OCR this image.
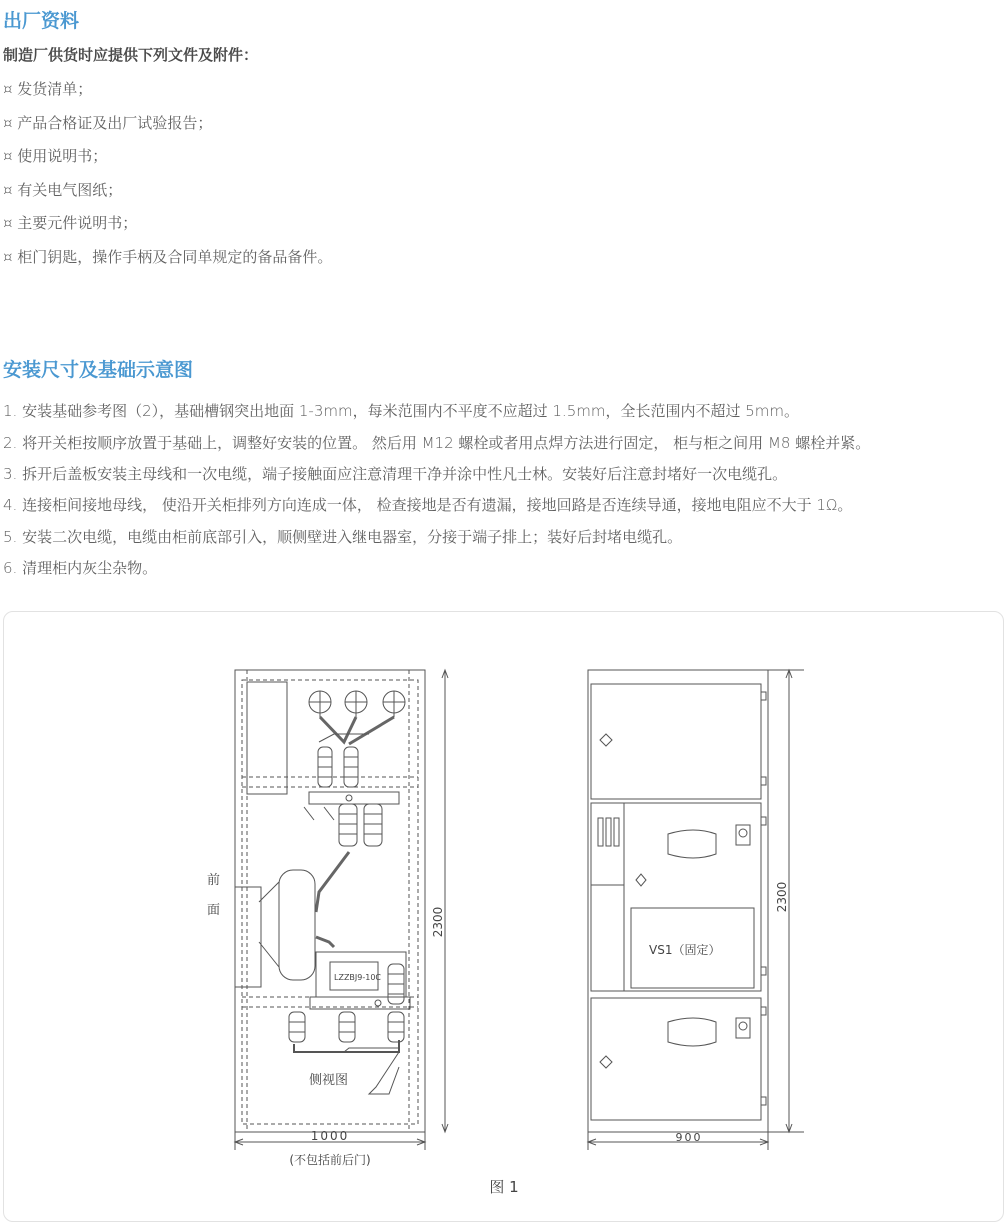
出厂资料
制造厂供货时应提供下列文件及附件：
¤ 发货清单；
¤ 产品合格证及出厂试验报告；
¤ 使用说明书；
¤ 有关电气图纸；
¤ 主要元件说明书；
¤ 柜门钥匙，操作手柄及合同单规定的备品备件。
安装尺寸及基础示意图
1. 安装基础参考图（2），基础槽钢突出地面 1-3mm，每米范围内不平度不应超过 1.5mm，全长范围内不超过 5mm。
2. 将开关柜按顺序放置于基础上，调整好安装的位置。 然后用 M12 螺栓或者用点焊方法进行固定， 柜与柜之间用 M8 螺栓并紧。
3. 拆开后盖板安装主母线和一次电缆，端子接触面应注意清理干净并涂中性凡士林。安装好后注意封堵好一次电缆孔。
4. 连接柜间接地母线， 使沿开关柜排列方向连成一体， 检查接地是否有遗漏，接地回路是否连续导通，接地电阻应不大于 1Ω。
5. 安装二次电缆，电缆由柜前底部引入，顺侧壁进入继电器室，分接于端子排上；装好后封堵电缆孔。
6. 清理柜内灰尘杂物。
前
面
侧视图
LZZBJ9-10C
2300
1000
(不包括前后门)
VS1（固定）
2300
900
图 1
